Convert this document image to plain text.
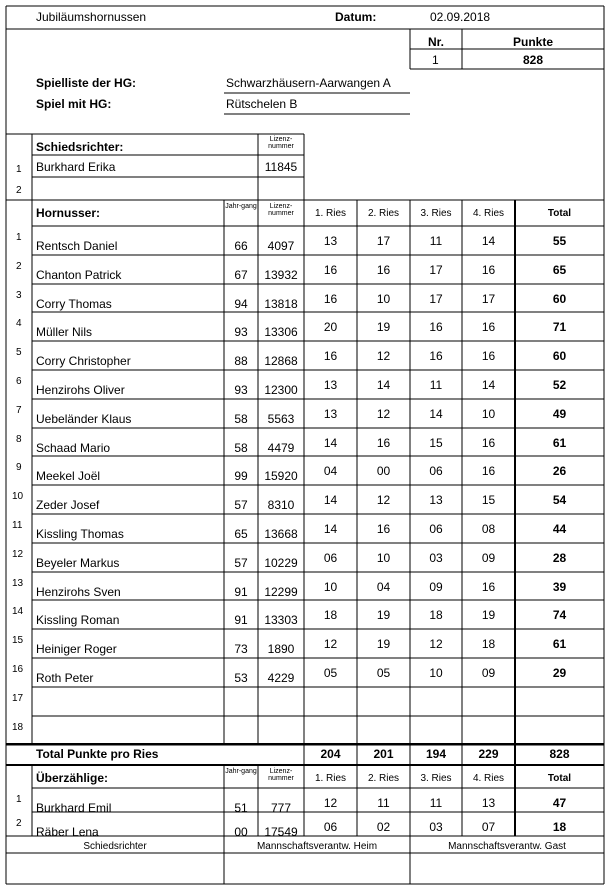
Jubiläumshornussen	Datum:	02.09.2018
Nr.	Punkte
1	828
Spielliste der HG:	Schwarzhäusern-Aarwangen A
Spiel mit HG:	Rütschelen B
Schiedsrichter:
Lizenz-nummer
1 Burkhard Erika	11845
2
Hornusser:	Jahr-gang	Lizenz-nummer	1. Ries	2. Ries	3. Ries	4. Ries	Total
1
Rentsch Daniel	66	4097	13	17	11	14	55
2
Chanton Patrick	67	13932	16	16	17	16	65
3
Corry Thomas	94	13818	16	10	17	17	60
4
Müller Nils	93	13306	20	19	16	16	71
5
Corry Christopher	88	12868	16	12	16	16	60
6
Henzirohs Oliver	93	12300	13	14	11	14	52
7
Uebeländer Klaus	58	5563	13	12	14	10	49
8
Schaad Mario	58	4479	14	16	15	16	61
9
Meekel Joël	99	15920	04	00	06	16	26
10
Zeder Josef	57	8310	14	12	13	15	54
11
Kissling Thomas	65	13668	14	16	06	08	44
12
Beyeler Markus	57	10229	06	10	03	09	28
13
Henzirohs Sven	91	12299	10	04	09	16	39
14
Kissling Roman	91	13303	18	19	18	19	74
15
Heiniger Roger	73	1890	12	19	12	18	61
16
Roth Peter	53	4229	05	05	10	09	29
17
18
Total Punkte pro Ries	204	201	194	229	828
Überzählige:	Jahr-gang	Lizenz-nummer	1. Ries	2. Ries	3. Ries	4. Ries	Total
1
Burkhard Emil	51	777	12	11	11	13	47
2
Räber Lena	00	17549	06	02	03	07	18
Schiedsrichter	Mannschaftsverantw. Heim	Mannschaftsverantw. Gast
